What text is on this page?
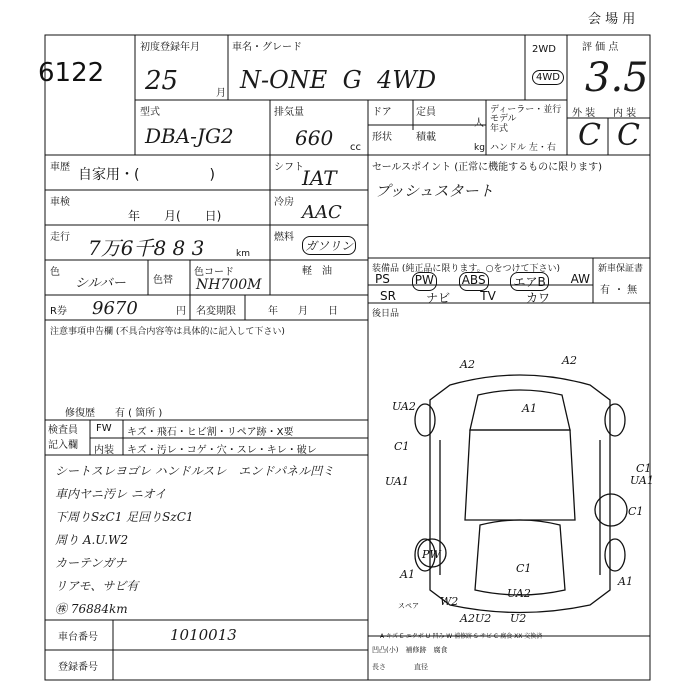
会 場 用
6122
初度登録年月
25	月
車名・グレード
N-ONE  G  4WD
2WD
4WD
評 価 点
3.5
型式
DBA-JG2
排気量
660 cc
ドア 定員
人
形状 積載
kg
ディーラー・並行
モデル
年式
ハンドル 左・右
外 装 内 装
C C
車歴 自家用・(　　　　　)
車検
年　　月(　　日)
走行 7万6千8 8 3	km
色
シルバー	色替
色コード
NH700M
シフト
IAT
冷房 AAC
燃料
ガソリン
軽　油
R券 9670	円 名変期限	年　　月　　日
セールスポイント (正常に機能するものに限ります)
プッシュスタート
装備品 (純正品に限ります。○をつけて下さい)	新車保証書
有 ・ 無
PS PW ABS エアB AW
SR	ナビ	TV	カワ
後日品
注意事項申告欄 (不具合内容等は具体的に記入して下さい)
修復歴　　有 ( 箇所 )
検査員
記入欄
FW キズ・飛石・ヒビ割・リペア跡・X要
内装 キズ・汚レ・コゲ・穴・スレ・キレ・破レ
シートスレヨゴレ ハンドルスレ　エンドパネル凹ミ
車内ヤニ汚レ ニオイ
下周りSzC1 足回りSzC1
周り A.U.W2
カーテンガナ
リアモ、サビ有
㊑ 76884km
車台番号	1010013
登録番号
A2	A2
UA2	A1
C1
UA1
C1
UA1
C1
C1
PW
A1
A1
UA2
W2
A2U2 U2
スペア
A-キズ E-エクボ U-凹み W-補修跡 S-サビ C-腐食 XX-交換済
凹凸(小)　補修跡　腐食
長さ　　　　直径
